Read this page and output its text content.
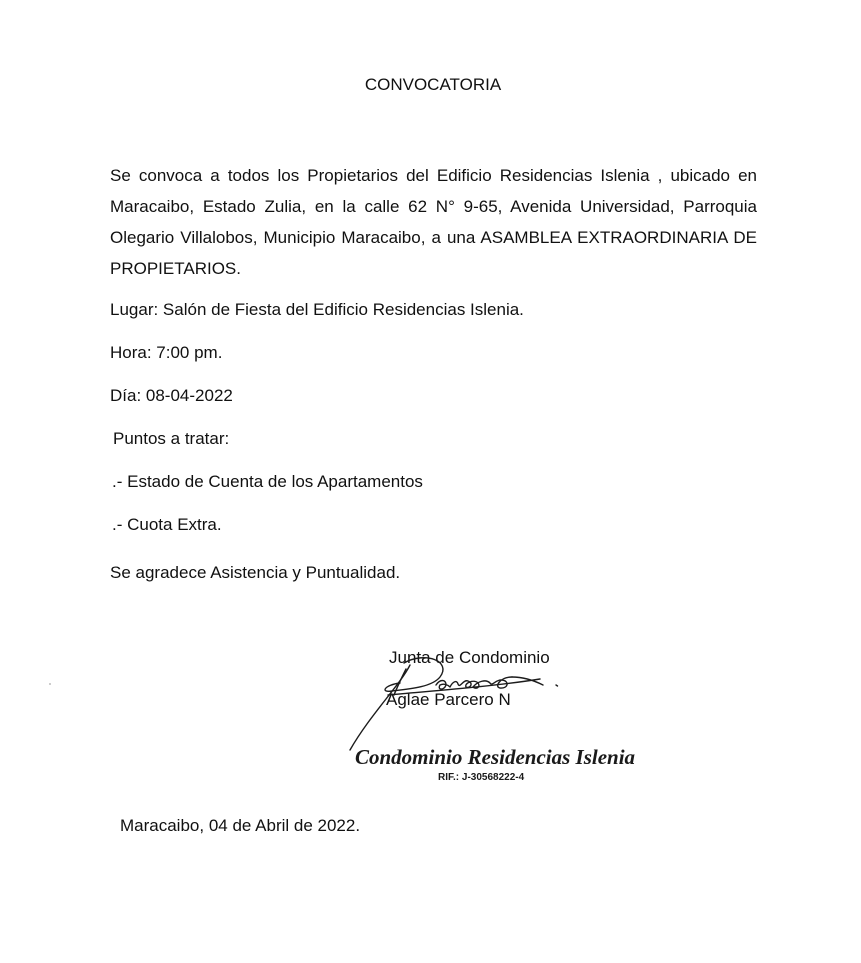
CONVOCATORIA
Se convoca a todos los Propietarios del Edificio Residencias Islenia , ubicado en Maracaibo, Estado Zulia, en la calle 62 N° 9-65, Avenida Universidad, Parroquia Olegario Villalobos, Municipio Maracaibo, a una ASAMBLEA EXTRAORDINARIA DE PROPIETARIOS.
Lugar: Salón de Fiesta del Edificio Residencias Islenia.
Hora: 7:00 pm.
Día: 08-04-2022
Puntos a tratar:
.- Estado de Cuenta de los Apartamentos
.- Cuota Extra.
Se agradece Asistencia y Puntualidad.
Junta de Condominio
Aglae Parcero N
Condominio Residencias Islenia
RIF.: J-30568222-4
Maracaibo, 04 de Abril de 2022.
